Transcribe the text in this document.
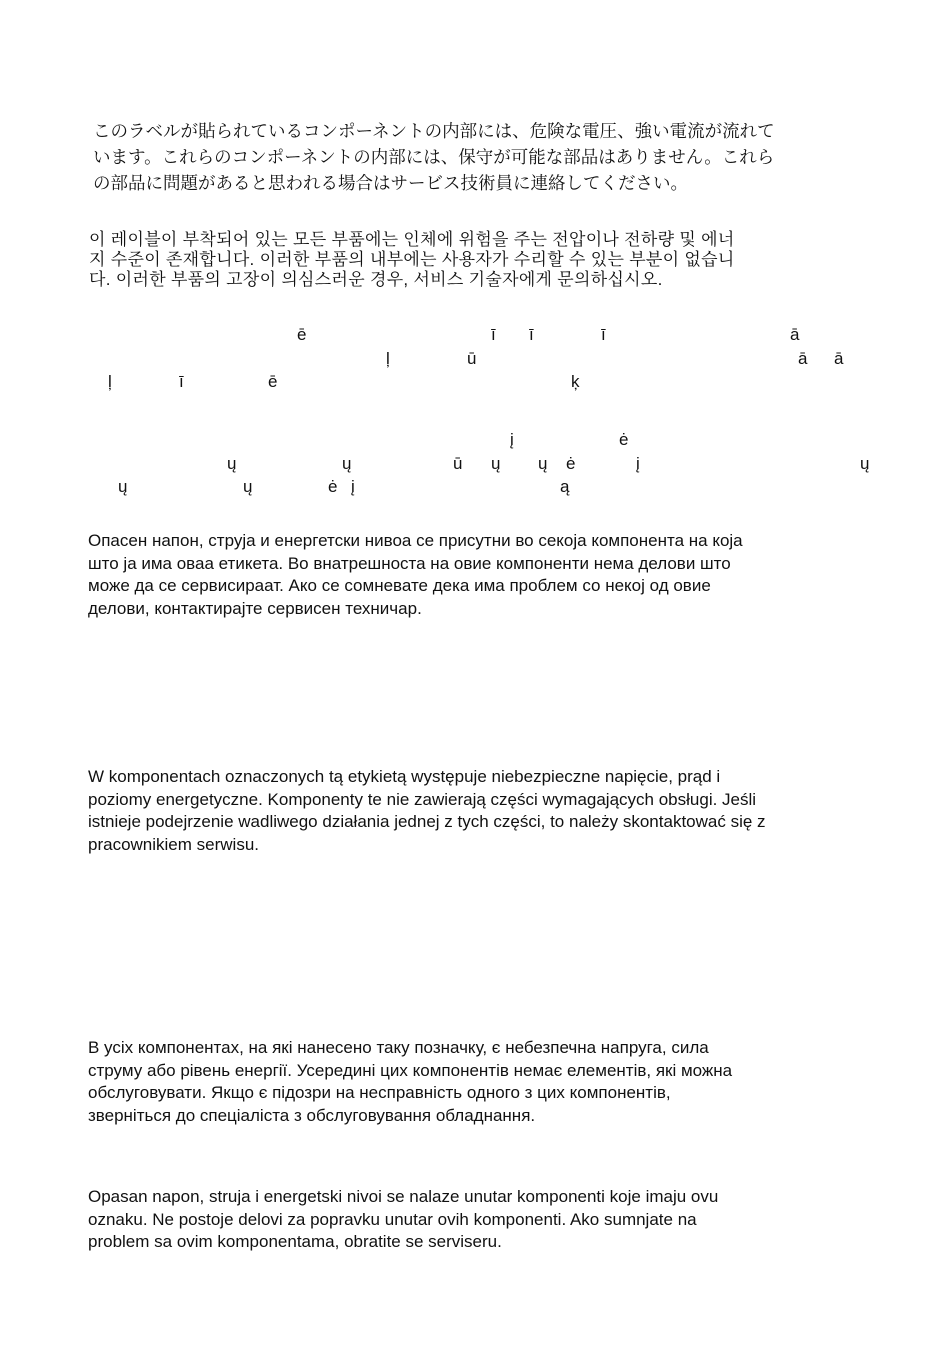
このラベルが貼られているコンポーネントの内部には、危険な電圧、強い電流が流れて
います。これらのコンポーネントの内部には、保守が可能な部品はありません。これら
の部品に問題があると思われる場合はサービス技術員に連絡してください。
이 레이블이 부착되어 있는 모든 부품에는 인체에 위험을 주는 전압이나 전하량 및 에너
지 수준이 존재합니다. 이러한 부품의 내부에는 사용자가 수리할 수 있는 부분이 없습니
다. 이러한 부품의 고장이 의심스러운 경우, 서비스 기술자에게 문의하십시오.
ē	ī ī	ī	ā
ļ	ū	ā ā
ļ	ī	ē	ķ
į	ė
ų	ų	ū ų ų ė	į	ų
ų	ų	ė į	ą
Опасен напон, струја и енергетски нивоа се присутни во секоја компонента на која
што ја има оваа етикета. Во внатрешноста на овие компоненти нема делови што
може да се сервисираат. Ако се сомневате дека има проблем со некој од овие
делови, контактирајте сервисен техничар.
W komponentach oznaczonych tą etykietą występuje niebezpieczne napięcie, prąd i
poziomy energetyczne. Komponenty te nie zawierają części wymagających obsługi. Jeśli
istnieje podejrzenie wadliwego działania jednej z tych części, to należy skontaktować się z
pracownikiem serwisu.
В усіх компонентах, на які нанесено таку позначку, є небезпечна напруга, сила
струму або рівень енергії. Усередині цих компонентів немає елементів, які можна
обслуговувати. Якщо є підозри на несправність одного з цих компонентів,
зверніться до спеціаліста з обслуговування обладнання.
Opasan napon, struja i energetski nivoi se nalaze unutar komponenti koje imaju ovu
oznaku. Ne postoje delovi za popravku unutar ovih komponenti. Ako sumnjate na
problem sa ovim komponentama, obratite se serviseru.
